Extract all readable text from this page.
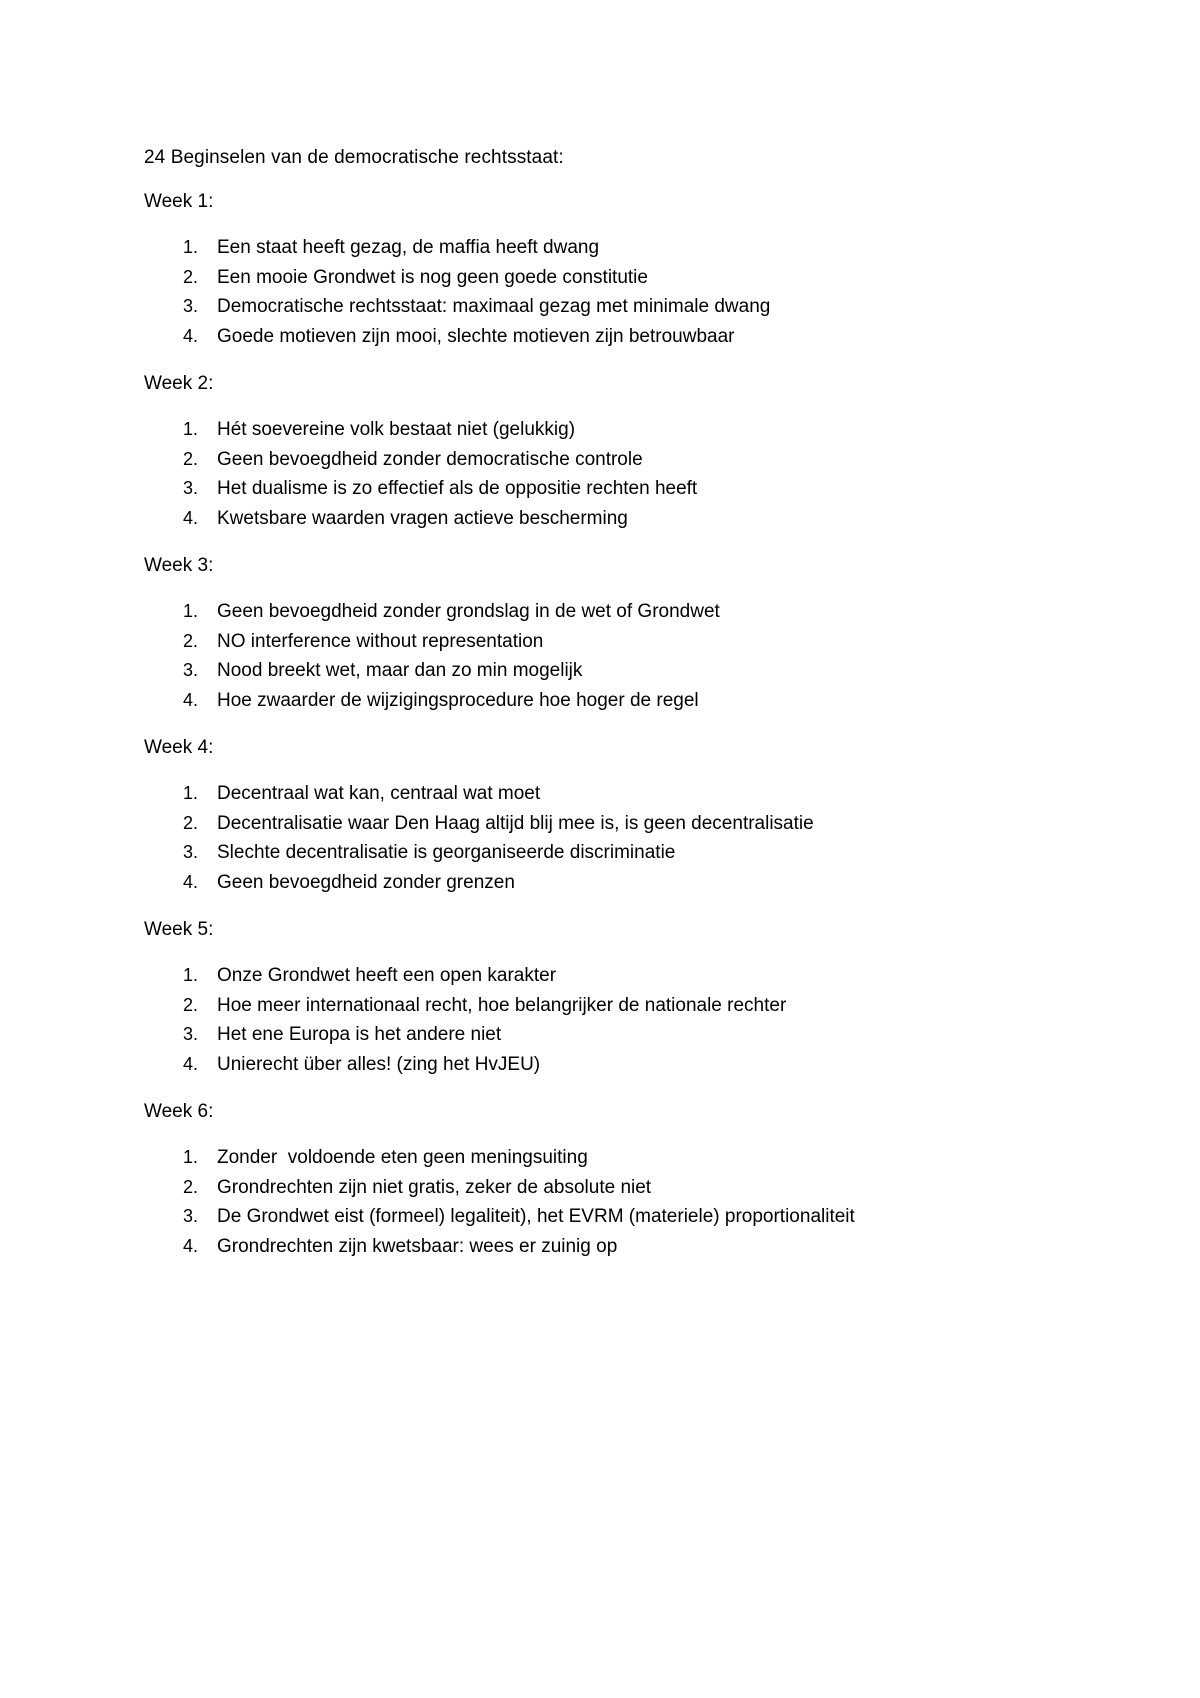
24 Beginselen van de democratische rechtsstaat:

Week 1:

1. Een staat heeft gezag, de maffia heeft dwang
2. Een mooie Grondwet is nog geen goede constitutie
3. Democratische rechtsstaat: maximaal gezag met minimale dwang
4. Goede motieven zijn mooi, slechte motieven zijn betrouwbaar

Week 2:

1. Hét soevereine volk bestaat niet (gelukkig)
2. Geen bevoegdheid zonder democratische controle
3. Het dualisme is zo effectief als de oppositie rechten heeft
4. Kwetsbare waarden vragen actieve bescherming

Week 3:

1. Geen bevoegdheid zonder grondslag in de wet of Grondwet
2. NO interference without representation
3. Nood breekt wet, maar dan zo min mogelijk
4. Hoe zwaarder de wijzigingsprocedure hoe hoger de regel

Week 4:

1. Decentraal wat kan, centraal wat moet
2. Decentralisatie waar Den Haag altijd blij mee is, is geen decentralisatie
3. Slechte decentralisatie is georganiseerde discriminatie
4. Geen bevoegdheid zonder grenzen

Week 5:

1. Onze Grondwet heeft een open karakter
2. Hoe meer internationaal recht, hoe belangrijker de nationale rechter
3. Het ene Europa is het andere niet
4. Unierecht über alles! (zing het HvJEU)

Week 6:

1. Zonder  voldoende eten geen meningsuiting
2. Grondrechten zijn niet gratis, zeker de absolute niet
3. De Grondwet eist (formeel) legaliteit), het EVRM (materiele) proportionaliteit
4. Grondrechten zijn kwetsbaar: wees er zuinig op
